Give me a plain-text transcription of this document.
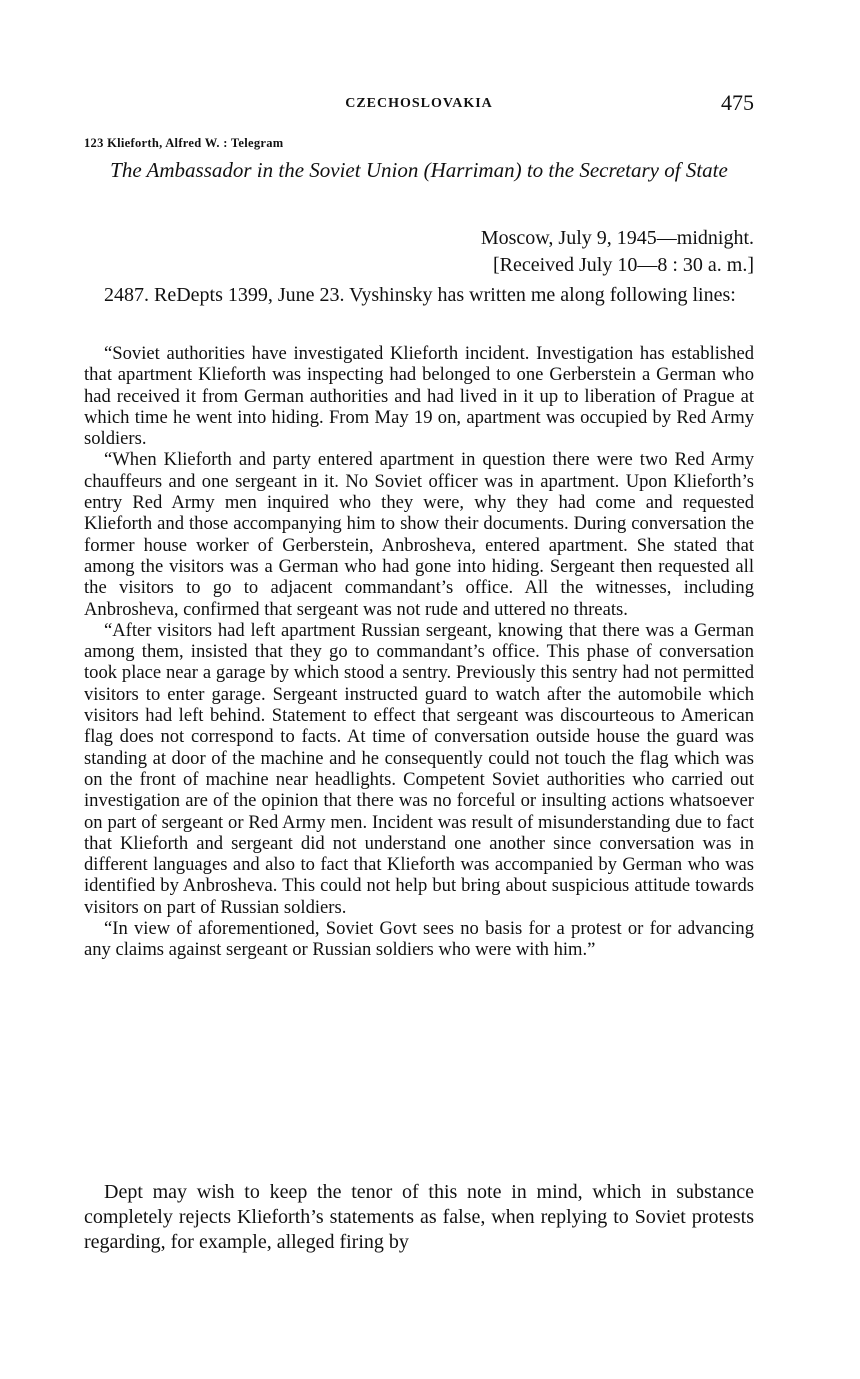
CZECHOSLOVAKIA	475
123 Klieforth, Alfred W. : Telegram
The Ambassador in the Soviet Union (Harriman) to the Secretary of State
Moscow, July 9, 1945—midnight.
[Received July 10—8 : 30 a. m.]

2487. ReDepts 1399, June 23. Vyshinsky has written me along following lines:

“Soviet authorities have investigated Klieforth incident. Investigation has established that apartment Klieforth was inspecting had belonged to one Gerberstein a German who had received it from German authorities and had lived in it up to liberation of Prague at which time he went into hiding. From May 19 on, apartment was occupied by Red Army soldiers.

“When Klieforth and party entered apartment in question there were two Red Army chauffeurs and one sergeant in it. No Soviet officer was in apartment. Upon Klieforth’s entry Red Army men inquired who they were, why they had come and requested Klieforth and those accompanying him to show their documents. During conversation the former house worker of Gerberstein, Anbrosheva, entered apartment. She stated that among the visitors was a German who had gone into hiding. Sergeant then requested all the visitors to go to adjacent commandant’s office. All the witnesses, including Anbrosheva, confirmed that sergeant was not rude and uttered no threats.

“After visitors had left apartment Russian sergeant, knowing that there was a German among them, insisted that they go to commandant’s office. This phase of conversation took place near a garage by which stood a sentry. Previously this sentry had not permitted visitors to enter garage. Sergeant instructed guard to watch after the automobile which visitors had left behind. Statement to effect that sergeant was discourteous to American flag does not correspond to facts. At time of conversation outside house the guard was standing at door of the machine and he consequently could not touch the flag which was on the front of machine near headlights. Competent Soviet authorities who carried out investigation are of the opinion that there was no forceful or insulting actions whatsoever on part of sergeant or Red Army men. Incident was result of misunderstanding due to fact that Klieforth and sergeant did not understand one another since conversation was in different languages and also to fact that Klieforth was accompanied by German who was identified by Anbrosheva. This could not help but bring about suspicious attitude towards visitors on part of Russian soldiers.

“In view of aforementioned, Soviet Govt sees no basis for a protest or for advancing any claims against sergeant or Russian soldiers who were with him.”

Dept may wish to keep the tenor of this note in mind, which in substance completely rejects Klieforth’s statements as false, when replying to Soviet protests regarding, for example, alleged firing by
